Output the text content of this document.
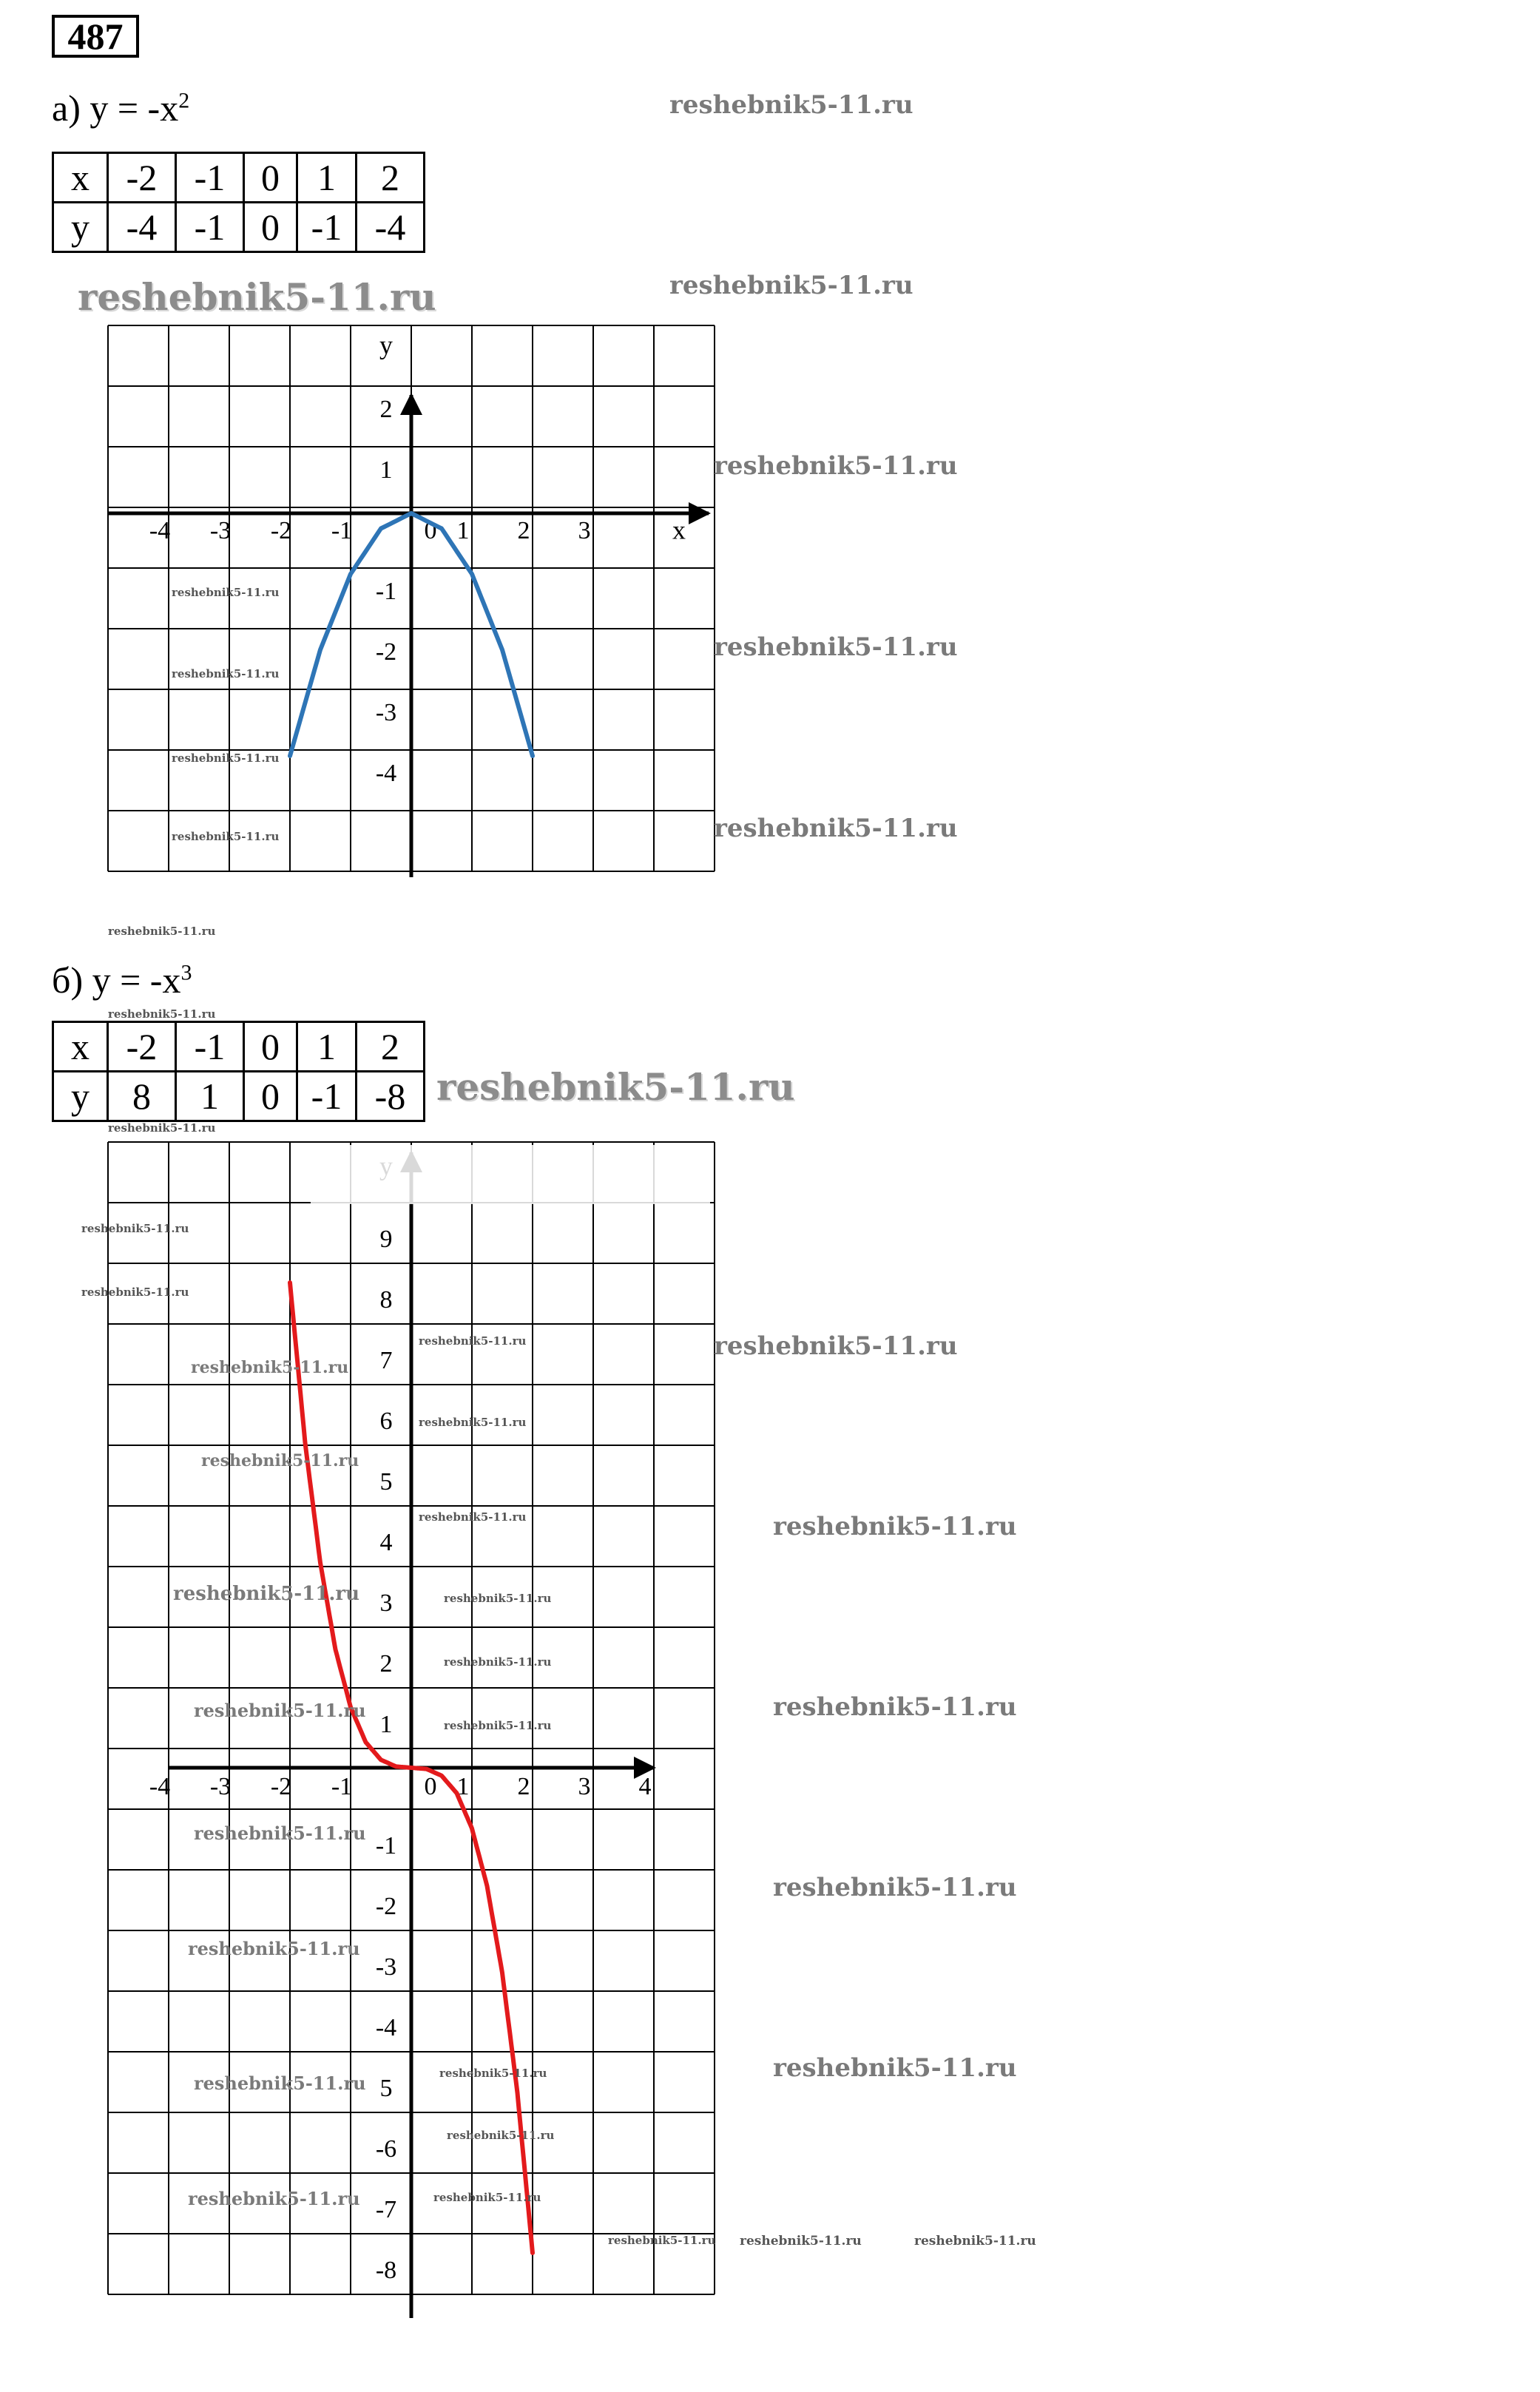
487
а) $y = -x^2$
x	-2	-1	0	1	2
y	-4	-1	0	-1	-4
б) $y = -x^3$
x	-2	-1	0	1	2
y	8	1	0	-1	-8
-4 -3 -2 -1	0 1 2 3
2
1
-1
-2
-3
-4
x
y
-4 -3 -2 -1	0 1 2 3 4
9
8
7
6
5
4
3
2
1
-1
-2
-3
-4
5
-6
-7
-8
reshebnik5-11.ru
reshebnik5-11.ru	reshebnik5-11.ru
reshebnik5-11.ru
reshebnik5-11.ru
reshebnik5-11.ru
reshebnik5-11.ru
reshebnik5-11.ru
reshebnik5-11.ru
reshebnik5-11.ru
reshebnik5-11.ru
reshebnik5-11.ru
reshebnik5-11.ru
reshebnik5-11.ru
reshebnik5-11.ru
reshebnik5-11.ru
reshebnik5-11.ru
reshebnik5-11.ru
reshebnik5-11.ru
reshebnik5-11.ru
reshebnik5-11.ru
reshebnik5-11.ru
reshebnik5-11.ru
reshebnik5-11.ru
reshebnik5-11.ru
reshebnik5-11.ru
reshebnik5-11.ru
reshebnik5-11.ru
reshebnik5-11.ru
reshebnik5-11.ru
reshebnik5-11.ru
reshebnik5-11.ru
reshebnik5-11.ru
reshebnik5-11.ru
reshebnik5-11.ru
reshebnik5-11.ru
reshebnik5-11.ru
reshebnik5-11.ru
reshebnik5-11.ru reshebnik5-11.ru	reshebnik5-11.ru
